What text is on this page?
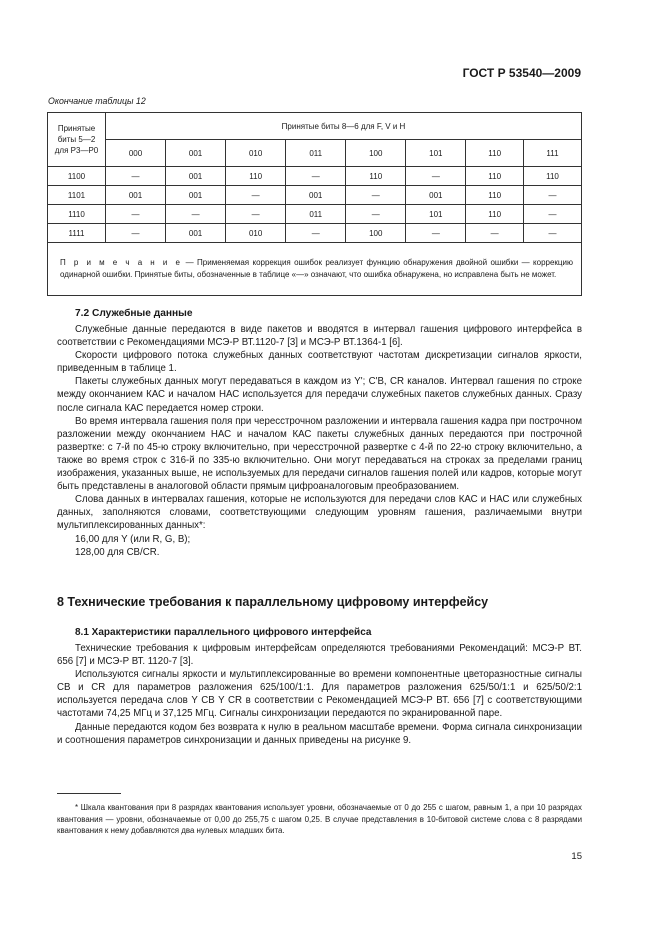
ГОСТ Р 53540—2009
Окончание таблицы 12
Принятые
биты 5—2
для P3—P0	Принятые биты 8—6 для F, V и H							
	000	001	010	011	100	101	110	111
1100	—	001	110	—	110	—	110	110
1101	001	001	—	001	—	001	110	—
1110	—	—	—	011	—	101	110	—
1111	—	001	010	—	100	—	—	—
П р и м е ч а н и е — Применяемая коррекция ошибок реализует функцию обнаружения двойной ошибки — коррекцию одинарной ошибки. Принятые биты, обозначенные в таблице «—» означают, что ошибка обнаружена, но исправлена быть не может.								
7.2 Служебные данные

Служебные данные передаются в виде пакетов и вводятся в интервал гашения цифрового интерфейса в соответствии с Рекомендациями МСЭ-Р ВТ.1120-7 [3] и МСЭ-Р ВТ.1364-1 [6].

Скорости цифрового потока служебных данных соответствуют частотам дискретизации сигналов яркости, приведенным в таблице 1.

Пакеты служебных данных могут передаваться в каждом из Y'; C'B, CR каналов. Интервал гашения по строке между окончанием КАС и началом НАС используется для передачи служебных пакетов служебных данных. Сразу после сигнала КАС передается номер строки.

Во время интервала гашения поля при чересстрочном разложении и интервала гашения кадра при построчном разложении между окончанием НАС и началом КАС пакеты служебных данных передаются при построчной развертке: с 7-й по 45-ю строку включительно, при чересстрочной развертке с 4-й по 22-ю строку включительно, а также во время строк с 316-й по 335-ю включительно. Они могут передаваться на строках за пределами границ изображения, указанных выше, не используемых для передачи сигналов гашения полей или кадров, которые могут быть представлены в аналоговой области прямым цифроаналоговым преобразованием.

Слова данных в интервалах гашения, которые не используются для передачи слов КАС и НАС или служебных данных, заполняются словами, соответствующими следующим уровням гашения, различаемыми внутри мультиплексированных данных*:

16,00 для Y (или R, G, B);

128,00 для CB/CR.

8 Технические требования к параллельному цифровому интерфейсу
8.1 Характеристики параллельного цифрового интерфейса

Технические требования к цифровым интерфейсам определяются требованиями Рекомендаций: МСЭ-Р ВТ. 656 [7] и МСЭ-Р ВТ. 1120-7 [3].

Используются сигналы яркости и мультиплексированные во времени компонентные цветоразностные сигналы CB и CR для параметров разложения 625/100/1:1. Для параметров разложения 625/50/1:1 и 625/50/2:1 используется передача слов Y CB Y CR в соответствии с Рекомендацией МСЭ-Р ВТ. 656 [7] с соответствующими частотами 74,25 МГц и 37,125 МГц. Сигналы синхронизации передаются по экранированной паре.

Данные передаются кодом без возврата к нулю в реальном масштабе времени. Форма сигнала синхронизации и соотношения параметров синхронизации и данных приведены на рисунке 9.

* Шкала квантования при 8 разрядах квантования использует уровни, обозначаемые от 0 до 255 с шагом, равным 1, а при 10 разрядах квантования — уровни, обозначаемые от 0,00 до 255,75 с шагом 0,25. В случае представления в 10-битовой системе слова с 8 разрядами квантования к нему добавляются два нулевых младших бита.

15
